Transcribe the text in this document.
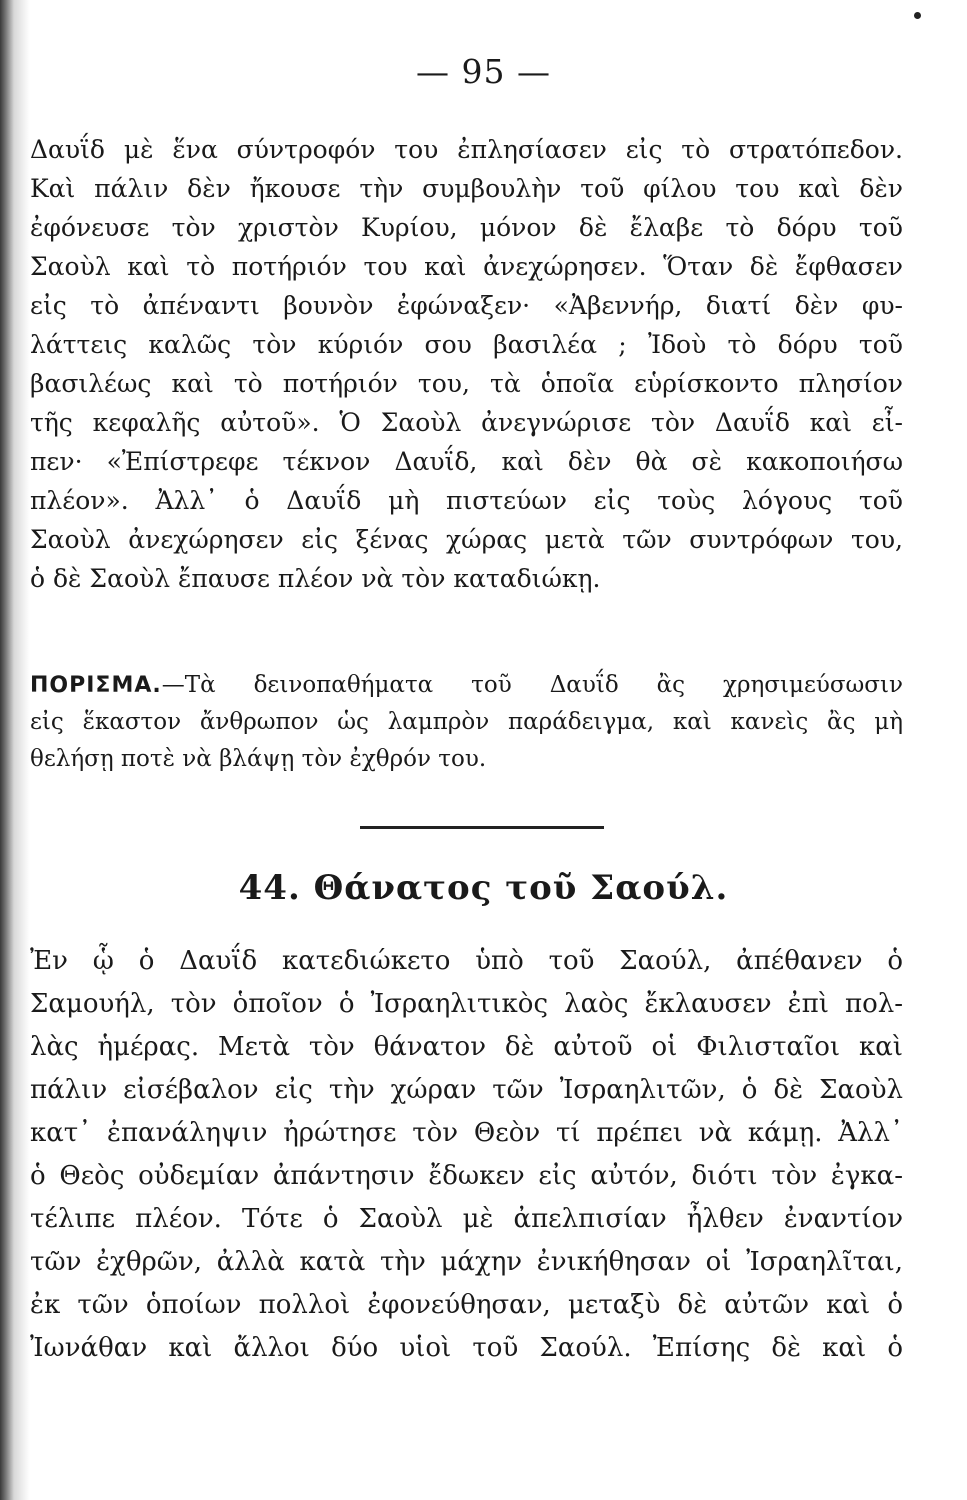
— 95 —
Δαυΐδ μὲ ἕνα σύντροφόν του ἐπλησίασεν εἰς τὸ στρατόπεδον.
Καὶ πάλιν δὲν ἤκουσε τὴν συμβουλὴν τοῦ φίλου του καὶ δὲν
ἐφόνευσε τὸν χριστὸν Κυρίου, μόνον δὲ ἔλαβε τὸ δόρυ τοῦ
Σαοὺλ καὶ τὸ ποτήριόν του καὶ ἀνεχώρησεν. Ὅταν δὲ ἔφθασεν
εἰς τὸ ἀπέναντι βουνὸν ἐφώναξεν· «Ἀβεννήρ, διατί δὲν φυ-
λάττεις καλῶς τὸν κύριόν σου βασιλέα ; Ἰδοὺ τὸ δόρυ τοῦ
βασιλέως καὶ τὸ ποτήριόν του, τὰ ὁποῖα εὑρίσκοντο πλησίον
τῆς κεφαλῆς αὐτοῦ». Ὁ Σαοὺλ ἀνεγνώρισε τὸν Δαυΐδ καὶ εἶ-
πεν· «Ἐπίστρεφε τέκνον Δαυΐδ, καὶ δὲν θὰ σὲ κακοποιήσω
πλέον». Ἀλλ᾽ ὁ Δαυΐδ μὴ πιστεύων εἰς τοὺς λόγους τοῦ
Σαοὺλ ἀνεχώρησεν εἰς ξένας χώρας μετὰ τῶν συντρόφων του,
ὁ δὲ Σαοὺλ ἔπαυσε πλέον νὰ τὸν καταδιώκῃ.
ΠΟΡΙΣΜΑ.—Τὰ δεινοπαθήματα τοῦ Δαυΐδ ἂς χρησιμεύσωσιν
εἰς ἕκαστον ἄνθρωπον ὡς λαμπρὸν παράδειγμα, καὶ κανεὶς ἂς μὴ
θελήσῃ ποτὲ νὰ βλάψῃ τὸν ἐχθρόν του.
44. Θάνατος τοῦ Σαούλ.
Ἐν ᾧ ὁ Δαυΐδ κατεδιώκετο ὑπὸ τοῦ Σαούλ, ἀπέθανεν ὁ
Σαμουήλ, τὸν ὁποῖον ὁ Ἰσραηλιτικὸς λαὸς ἔκλαυσεν ἐπὶ πολ-
λὰς ἡμέρας. Μετὰ τὸν θάνατον δὲ αὐτοῦ οἱ Φιλισταῖοι καὶ
πάλιν εἰσέβαλον εἰς τὴν χώραν τῶν Ἰσραηλιτῶν, ὁ δὲ Σαοὺλ
κατ᾽ ἐπανάληψιν ἠρώτησε τὸν Θεὸν τί πρέπει νὰ κάμῃ. Ἀλλ᾽
ὁ Θεὸς οὐδεμίαν ἀπάντησιν ἔδωκεν εἰς αὐτόν, διότι τὸν ἐγκα-
τέλιπε πλέον. Τότε ὁ Σαοὺλ μὲ ἀπελπισίαν ἦλθεν ἐναντίον
τῶν ἐχθρῶν, ἀλλὰ κατὰ τὴν μάχην ἐνικήθησαν οἱ Ἰσραηλῖται,
ἐκ τῶν ὁποίων πολλοὶ ἐφονεύθησαν, μεταξὺ δὲ αὐτῶν καὶ ὁ
Ἰωνάθαν καὶ ἄλλοι δύο υἱοὶ τοῦ Σαούλ. Ἐπίσης δὲ καὶ ὁ
